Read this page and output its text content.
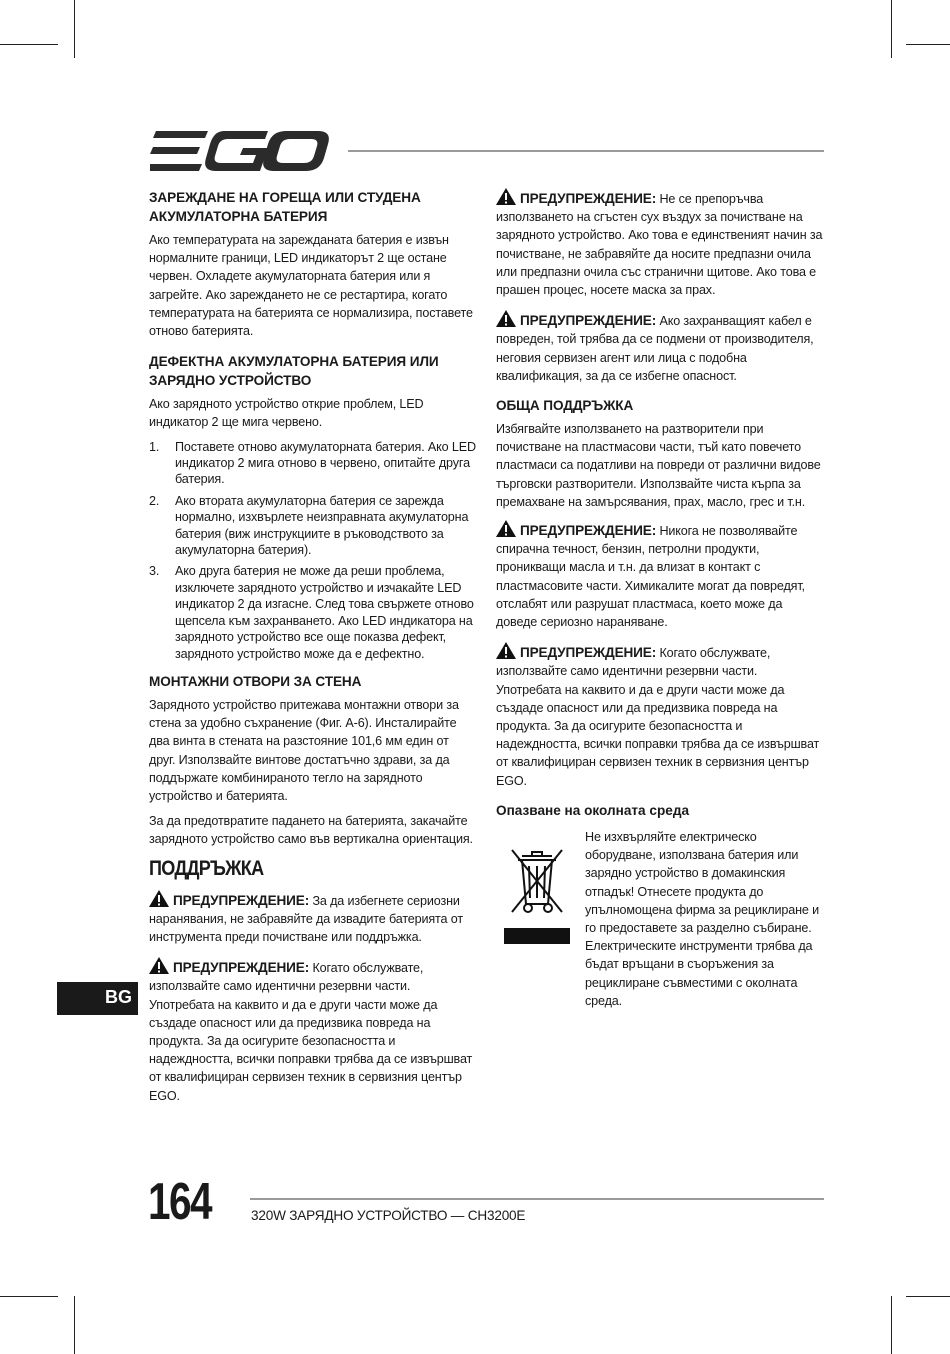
ЗАРЕЖДАНЕ НА ГОРЕЩА ИЛИ СТУДЕНА АКУМУЛАТОРНА БАТЕРИЯ

Ако температурата на зарежданата батерия е извън нормалните граници, LED индикаторът 2 ще остане червен. Охладете акумулаторната батерия или я загрейте. Ако зареждането не се рестартира, когато температурата на батерията се нормализира, поставете отново батерията.

ДЕФЕКТНА АКУМУЛАТОРНА БАТЕРИЯ ИЛИ ЗАРЯДНО УСТРОЙСТВО

Ако зарядното устройство открие проблем, LED индикатор 2 ще мига червено.

1. Поставете отново акумулаторната батерия. Ако LED индикатор 2 мига отново в червено, опитайте друга батерия.
2. Ако втората акумулаторна батерия се зарежда нормално, изхвърлете неизправната акумулаторна батерия (виж инструкциите в ръководството за акумулаторна батерия).
3. Ако друга батерия не може да реши проблема, изключете зарядното устройство и изчакайте LED индикатор 2 да изгасне. След това свържете отново щепсела към захранването. Ако LED индикатора на зарядното устройство все още показва дефект, зарядното устройство може да е дефектно.
МОНТАЖНИ ОТВОРИ ЗА СТЕНА

Зарядното устройство притежава монтажни отвори за стена за удобно съхранение (Фиг. A-6). Инсталирайте два винта в стената на разстояние 101,6 мм един от друг. Използвайте винтове достатъчно здрави, за да поддържате комбинираното тегло на зарядното устройство и батерията.

За да предотвратите падането на батерията, закачайте зарядното устройство само във вертикална ориентация.

ПОДДРЪЖКА
ПРЕДУПРЕЖДЕНИЕ: За да избегнете сериозни наранявания, не забравяйте да извадите батерията от инструмента преди почистване или поддръжка.
ПРЕДУПРЕЖДЕНИЕ: Когато обслужвате, използвайте само идентични резервни части. Употребата на каквито и да е други части може да създаде опасност или да предизвика повреда на продукта. За да осигурите безопасността и надеждността, всички поправки трябва да се извършват от квалифициран сервизен техник в сервизния център EGO.
ПРЕДУПРЕЖДЕНИЕ: Не се препоръчва използването на сгъстен сух въздух за почистване на зарядното устройство. Ако това е единственият начин за почистване, не забравяйте да носите предпазни очила или предпазни очила със странични щитове. Ако това е прашен процес, носете маска за прах.
ПРЕДУПРЕЖДЕНИЕ: Ако захранващият кабел е повреден, той трябва да се подмени от производителя, неговия сервизен агент или лица с подобна квалификация, за да се избегне опасност.
ОБЩА ПОДДРЪЖКА

Избягвайте използването на разтворители при почистване на пластмасови части, тъй като повечето пластмаси са податливи на повреди от различни видове търговски разтворители. Използвайте чиста кърпа за премахване на замърсявания, прах, масло, грес и т.н.

ПРЕДУПРЕЖДЕНИЕ: Никога не позволявайте спирачна течност, бензин, петролни продукти, проникващи масла и т.н. да влизат в контакт с пластмасовите части. Химикалите могат да повредят, отслабят или разрушат пластмаса, което може да доведе сериозно нараняване.
ПРЕДУПРЕЖДЕНИЕ: Когато обслужвате, използвайте само идентични резервни части. Употребата на каквито и да е други части може да създаде опасност или да предизвика повреда на продукта. За да осигурите безопасността и надеждността, всички поправки трябва да се извършват от квалифициран сервизен техник в сервизния център EGO.
Опазване на околната среда
Не изхвърляйте електрическо оборудване, използвана батерия или зарядно устройство в домакинския отпадък! Отнесете продукта до упълномощена фирма за рециклиране и го предоставете за разделно събиране. Електрическите инструменти трябва да бъдат връщани в съоръжения за рециклиране съвместими с околната среда.
BG
164	320W ЗАРЯДНО УСТРОЙСТВО — CH3200E
